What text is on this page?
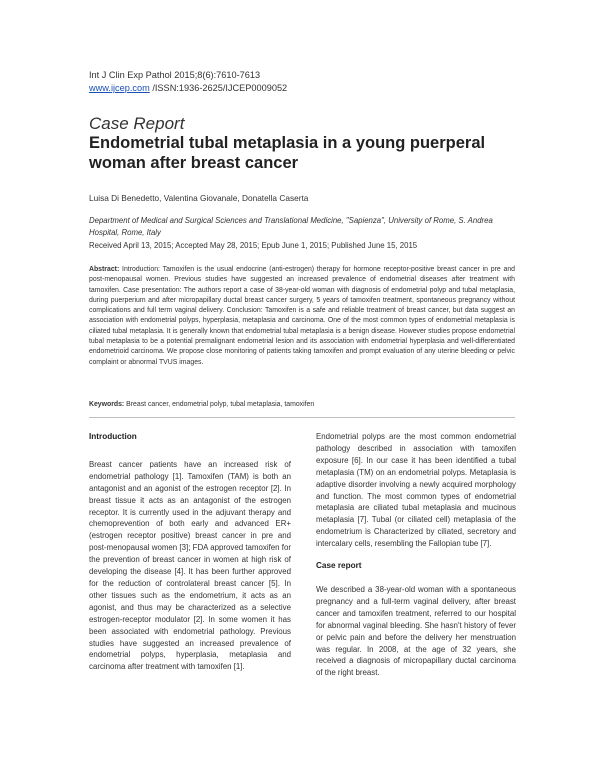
Int J Clin Exp Pathol 2015;8(6):7610-7613
www.ijcep.com /ISSN:1936-2625/IJCEP0009052
Case Report
Endometrial tubal metaplasia in a young puerperal woman after breast cancer
Luisa Di Benedetto, Valentina Giovanale, Donatella Caserta
Department of Medical and Surgical Sciences and Translational Medicine, "Sapienza", University of Rome, S. Andrea Hospital, Rome, Italy
Received April 13, 2015; Accepted May 28, 2015; Epub June 1, 2015; Published June 15, 2015
Abstract: Introduction: Tamoxifen is the usual endocrine (anti-estrogen) therapy for hormone receptor-positive breast cancer in pre and post-menopausal women. Previous studies have suggested an increased prevalence of endometrial diseases after treatment with tamoxifen. Case presentation: The authors report a case of 38-year-old woman with diagnosis of endometrial polyp and tubal metaplasia, during puerperium and after micropapillary ductal breast cancer surgery, 5 years of tamoxifen treatment, spontaneous pregnancy without complications and full term vaginal delivery. Conclusion: Tamoxifen is a safe and reliable treatment of breast cancer, but data suggest an association with endometrial polyps, hyperplasia, metaplasia and carcinoma. One of the most common types of endometrial metaplasia is ciliated tubal metaplasia. It is generally known that endometrial tubal metaplasia is a benign disease. However studies propose endometrial tubal metaplasia to be a potential premalignant endometrial lesion and its association with endometrial hyperplasia and well-differentiated endometrioid carcinoma. We propose close monitoring of patients taking tamoxifen and prompt evaluation of any uterine bleeding or pelvic complaint or abnormal TVUS images.
Keywords: Breast cancer, endometrial polyp, tubal metaplasia, tamoxifen
Introduction

Breast cancer patients have an increased risk of endometrial pathology [1]. Tamoxifen (TAM) is both an antagonist and an agonist of the estrogen receptor [2]. In breast tissue it acts as an antagonist of the estrogen receptor. It is currently used in the adjuvant therapy and chemoprevention of both early and advanced ER+ (estrogen receptor positive) breast cancer in pre and post-menopausal women [3]; FDA approved tamoxifen for the prevention of breast cancer in women at high risk of developing the disease [4]. It has been further approved for the reduction of controlateral breast cancer [5]. In other tissues such as the endometrium, it acts as an agonist, and thus may be characterized as a selective estrogen-receptor modulator [2]. In some women it has been associated with endometrial pathology. Previous studies have suggested an increased prevalence of endometrial polyps, hyperplasia, metaplasia and carcinoma after treatment with tamoxifen [1].

Endometrial polyps are the most common endometrial pathology described in association with tamoxifen exposure [6]. In our case it has been identified a tubal metaplasia (TM) on an endometrial polyps. Metaplasia is adaptive disorder involving a newly acquired morphology and function. The most common types of endometrial metaplasia are ciliated tubal metaplasia and mucinous metaplasia [7]. Tubal (or ciliated cell) metaplasia of the endometrium is Characterized by ciliated, secretory and intercalary cells, resembling the Fallopian tube [7].

Case report

We described a 38-year-old woman with a spontaneous pregnancy and a full-term vaginal delivery, after breast cancer and tamoxifen treatment, referred to our hospital for abnormal vaginal bleeding. She hasn't history of fever or pelvic pain and before the delivery her menstruation was regular. In 2008, at the age of 32 years, she received a diagnosis of micropapillary ductal carcinoma of the right breast.
